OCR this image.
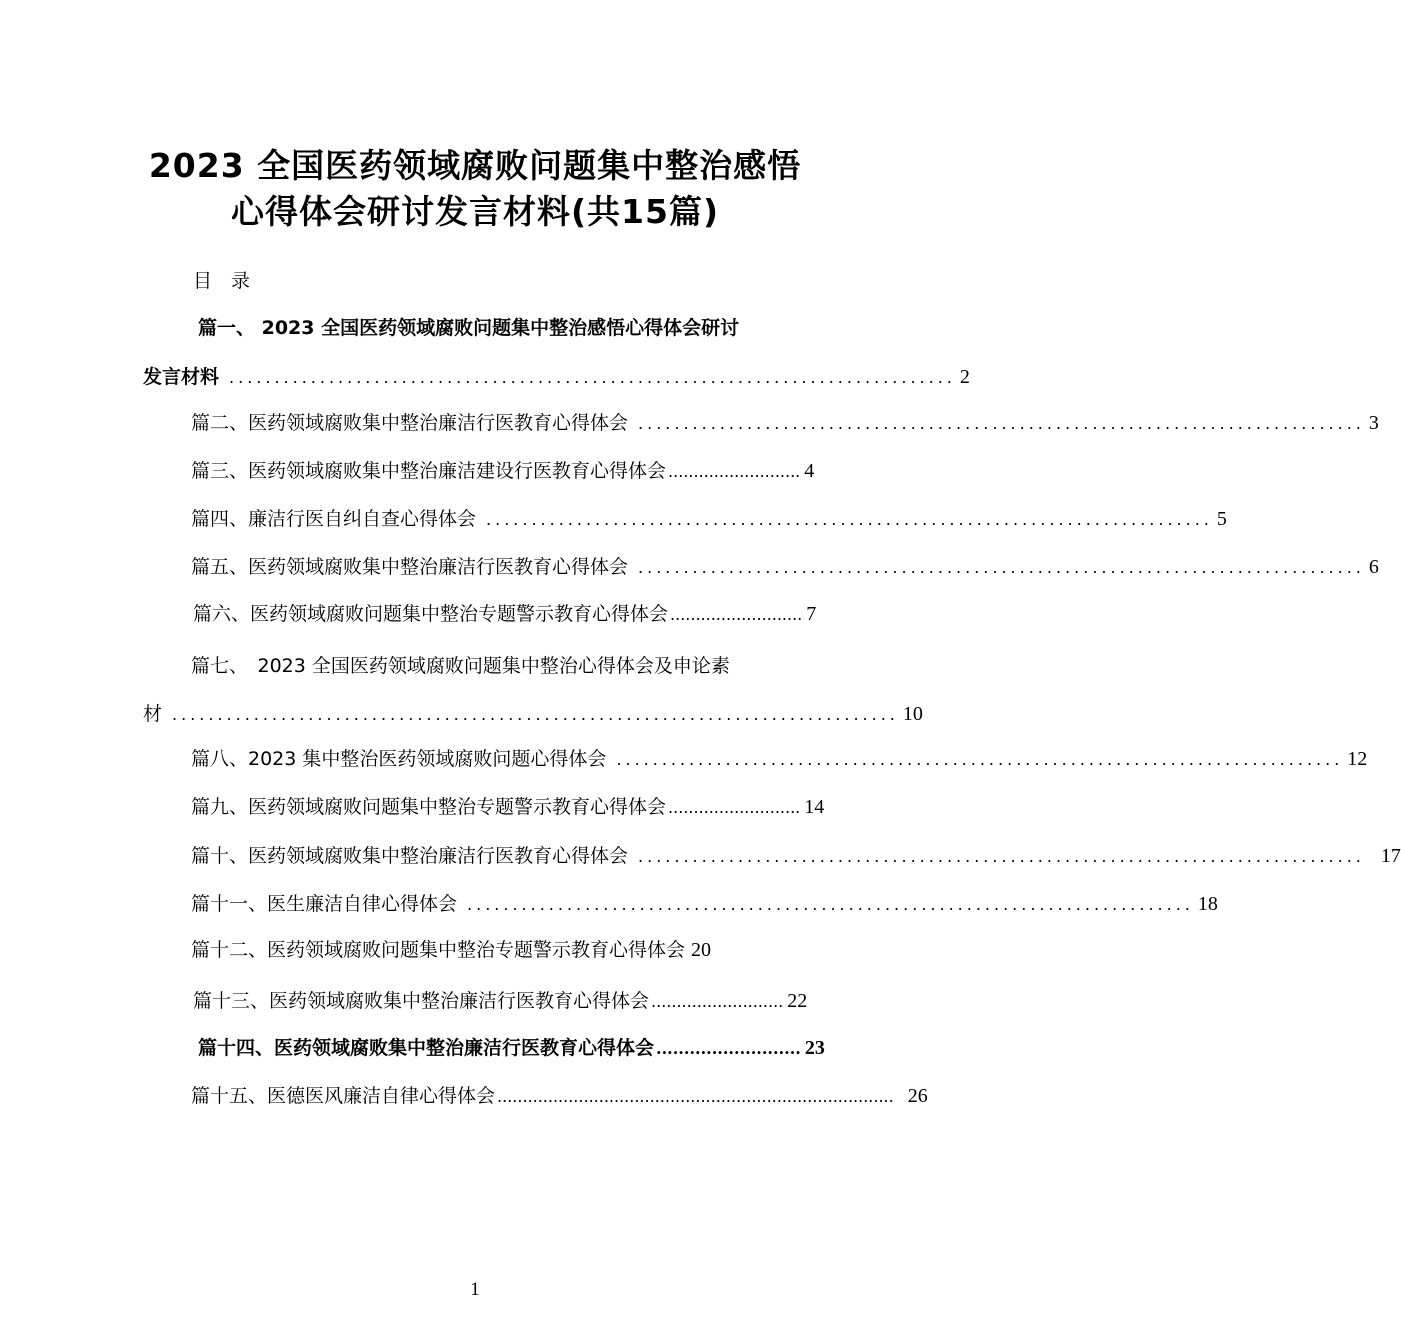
2023 全国医药领域腐败问题集中整治感悟
心得体会研讨发言材料(共15篇)
目　录
篇一、 2023 全国医药领域腐败问题集中整治感悟心得体会研讨
发言材料 ................................................................................ 2
篇二、医药领域腐败集中整治廉洁行医教育心得体会 ................................................................................ 3
篇三、医药领域腐败集中整治廉洁建设行医教育心得体会 .......................... 4
篇四、廉洁行医自纠自查心得体会 ................................................................................ 5
篇五、医药领域腐败集中整治廉洁行医教育心得体会 ................................................................................ 6
篇六、医药领域腐败问题集中整治专题警示教育心得体会 .......................... 7
篇七、　2023 全国医药领域腐败问题集中整治心得体会及申论素
材 ................................................................................ 10
篇八、2023 集中整治医药领域腐败问题心得体会 ................................................................................ 12
篇九、医药领域腐败问题集中整治专题警示教育心得体会 .......................... 14
篇十、医药领域腐败集中整治廉洁行医教育心得体会 ................................................................................ 17
篇十一、医生廉洁自律心得体会 ................................................................................ 18
篇十二、医药领域腐败问题集中整治专题警示教育心得体会 20
篇十三、医药领域腐败集中整治廉洁行医教育心得体会 .......................... 22
篇十四、医药领域腐败集中整治廉洁行医教育心得体会 .......................... 23
篇十五、医德医风廉洁自律心得体会 .............................................................................. 26
1
